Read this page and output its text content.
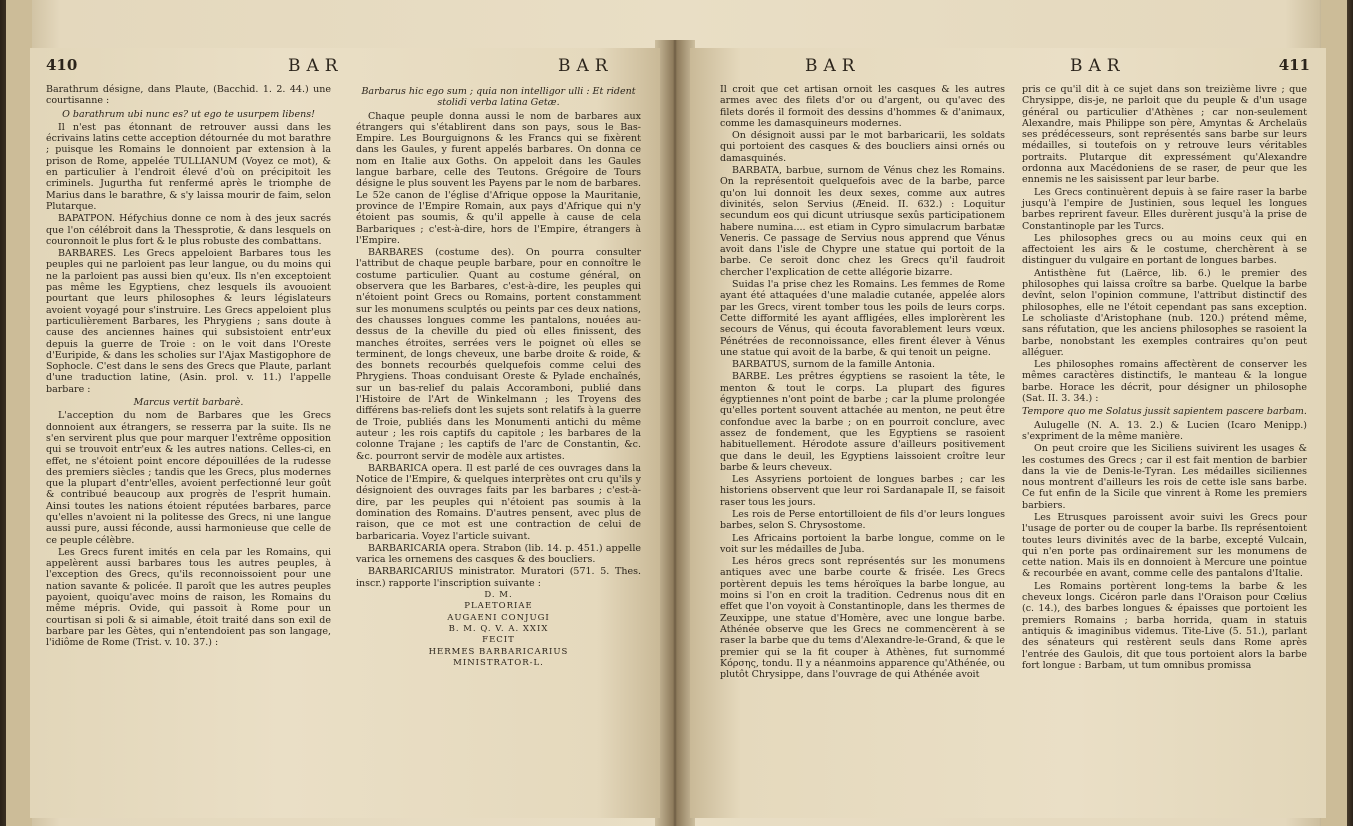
410	BAR	BAR

Barathrum désigne, dans Plaute, (Bacchid. 1. 2. 44.) une courtisanne :

O barathrum ubi nunc es? ut ego te usurpem libens!

Il n'est pas étonnant de retrouver aussi dans les écrivains latins cette acception détournée du mot barathre ; puisque les Romains le donnoient par extension à la prison de Rome, appelée TULLIANUM (Voyez ce mot), & en particulier à l'endroit élevé d'où on précipitoit les criminels. Jugurtha fut renfermé après le triomphe de Marius dans le barathre, & s'y laissa mourir de faim, selon Plutarque.

BAPATPON. Héfychius donne ce nom à des jeux sacrés que l'on célébroit dans la Thessprotie, & dans lesquels on couronnoit le plus fort & le plus robuste des combattans.

BARBARES. Les Grecs appeloient Barbares tous les peuples qui ne parloient pas leur langue, ou du moins qui ne la parloient pas aussi bien qu'eux. Ils n'en exceptoient pas même les Egyptiens, chez lesquels ils avouoient pourtant que leurs philosophes & leurs législateurs avoient voyagé pour s'instruire. Les Grecs appeloient plus particulièrement Barbares, les Phrygiens ; sans doute à cause des anciennes haines qui subsistoient entr'eux depuis la guerre de Troie : on le voit dans l'Oreste d'Euripide, & dans les scholies sur l'Ajax Mastigophore de Sophocle. C'est dans le sens des Grecs que Plaute, parlant d'une traduction latine, (Asin. prol. v. 11.) l'appelle barbare :

Marcus vertit barbarè.

L'acception du nom de Barbares que les Grecs donnoient aux étrangers, se resserra par la suite. Ils ne s'en servirent plus que pour marquer l'extrême opposition qui se trouvoit entr'eux & les autres nations. Celles-ci, en effet, ne s'étoient point encore dépouillées de la rudesse des premiers siècles ; tandis que les Grecs, plus modernes que la plupart d'entr'elles, avoient perfectionné leur goût & contribué beaucoup aux progrès de l'esprit humain. Ainsi toutes les nations étoient réputées barbares, parce qu'elles n'avoient ni la politesse des Grecs, ni une langue aussi pure, aussi féconde, aussi harmonieuse que celle de ce peuple célèbre.

Les Grecs furent imités en cela par les Romains, qui appelèrent aussi barbares tous les autres peuples, à l'exception des Grecs, qu'ils reconnoissoient pour une nation savante & policée. Il paroît que les autres peuples payoient, quoiqu'avec moins de raison, les Romains du même mépris. Ovide, qui passoit à Rome pour un courtisan si poli & si aimable, étoit traité dans son exil de barbare par les Gètes, qui n'entendoient pas son langage, l'idiôme de Rome (Trist. v. 10. 37.) :

Barbarus hic ego sum ; quia non intelligor ulli : Et rident stolidi verba latina Getæ.

Chaque peuple donna aussi le nom de barbares aux étrangers qui s'établirent dans son pays, sous le Bas-Empire. Les Bourguignons & les Francs qui se fixèrent dans les Gaules, y furent appelés barbares. On donna ce nom en Italie aux Goths. On appeloit dans les Gaules langue barbare, celle des Teutons. Grégoire de Tours désigne le plus souvent les Payens par le nom de barbares. Le 52e canon de l'église d'Afrique oppose la Mauritanie, province de l'Empire Romain, aux pays d'Afrique qui n'y étoient pas soumis, & qu'il appelle à cause de cela Barbariques ; c'est-à-dire, hors de l'Empire, étrangers à l'Empire.

BARBARES (costume des). On pourra consulter l'attribut de chaque peuple barbare, pour en connoître le costume particulier. Quant au costume général, on observera que les Barbares, c'est-à-dire, les peuples qui n'étoient point Grecs ou Romains, portent constamment sur les monumens sculptés ou peints par ces deux nations, des chausses longues comme les pantalons, nouées au-dessus de la cheville du pied où elles finissent, des manches étroites, serrées vers le poignet où elles se terminent, de longs cheveux, une barbe droite & roide, & des bonnets recourbés quelquefois comme celui des Phrygiens. Thoas conduisant Oreste & Pylade enchaînés, sur un bas-relief du palais Accoramboni, publié dans l'Histoire de l'Art de Winkelmann ; les Troyens des différens bas-reliefs dont les sujets sont relatifs à la guerre de Troie, publiés dans les Monumenti antichi du même auteur ; les rois captifs du capitole ; les barbares de la colonne Trajane ; les captifs de l'arc de Constantin, &c. &c. pourront servir de modèle aux artistes.

BARBARICA opera. Il est parlé de ces ouvrages dans la Notice de l'Empire, & quelques interprètes ont cru qu'ils y désignoient des ouvrages faits par les barbares ; c'est-à-dire, par les peuples qui n'étoient pas soumis à la domination des Romains. D'autres pensent, avec plus de raison, que ce mot est une contraction de celui de barbaricaria. Voyez l'article suivant.

BARBARICARIA opera. Strabon (lib. 14. p. 451.) appelle varica les ornemens des casques & des boucliers.

BARBARICARIUS ministrator. Muratori (571. 5. Thes. inscr.) rapporte l'inscription suivante :

D. M.

PLAETORIAE

AUGAENI CONJUGI

B. M. Q. V. A. XXIX

FECIT

HERMES BARBARICARIUS

MINISTRATOR-L.

BAR	BAR	411

Il croit que cet artisan ornoit les casques & les autres armes avec des filets d'or ou d'argent, ou qu'avec des filets dorés il formoit des dessins d'hommes & d'animaux, comme les damasquineurs modernes.

On désignoit aussi par le mot barbaricarii, les soldats qui portoient des casques & des boucliers ainsi ornés ou damasquinés.

BARBATA, barbue, surnom de Vénus chez les Romains. On la représentoit quelquefois avec de la barbe, parce qu'on lui donnoit les deux sexes, comme aux autres divinités, selon Servius (Æneid. II. 632.) : Loquitur secundum eos qui dicunt utriusque sexûs participationem habere numina.... est etiam in Cypro simulacrum barbatæ Veneris. Ce passage de Servius nous apprend que Vénus avoit dans l'isle de Chypre une statue qui portoit de la barbe. Ce seroit donc chez les Grecs qu'il faudroit chercher l'explication de cette allégorie bizarre.

Suidas l'a prise chez les Romains. Les femmes de Rome ayant été attaquées d'une maladie cutanée, appelée alors par les Grecs, virent tomber tous les poils de leurs corps. Cette difformité les ayant affligées, elles implorèrent les secours de Vénus, qui écouta favorablement leurs vœux. Pénétrées de reconnoissance, elles firent élever à Vénus une statue qui avoit de la barbe, & qui tenoit un peigne.

BARBATUS, surnom de la famille Antonia.

BARBE. Les prêtres égyptiens se rasoient la tête, le menton & tout le corps. La plupart des figures égyptiennes n'ont point de barbe ; car la plume prolongée qu'elles portent souvent attachée au menton, ne peut être confondue avec la barbe ; on en pourroit conclure, avec assez de fondement, que les Egyptiens se rasoient habituellement. Hérodote assure d'ailleurs positivement que dans le deuil, les Egyptiens laissoient croître leur barbe & leurs cheveux.

Les Assyriens portoient de longues barbes ; car les historiens observent que leur roi Sardanapale II, se faisoit raser tous les jours.

Les rois de Perse entortilloient de fils d'or leurs longues barbes, selon S. Chrysostome.

Les Africains portoient la barbe longue, comme on le voit sur les médailles de Juba.

Les héros grecs sont représentés sur les monumens antiques avec une barbe courte & frisée. Les Grecs portèrent depuis les tems héroïques la barbe longue, au moins si l'on en croit la tradition. Cedrenus nous dit en effet que l'on voyoit à Constantinople, dans les thermes de Zeuxippe, une statue d'Homère, avec une longue barbe. Athénée observe que les Grecs ne commencèrent à se raser la barbe que du tems d'Alexandre-le-Grand, & que le premier qui se la fit couper à Athènes, fut surnommé Κόρσης, tondu. Il y a néanmoins apparence qu'Athénée, ou plutôt Chrysippe, dans l'ouvrage de qui Athénée avoit

pris ce qu'il dit à ce sujet dans son treizième livre ; que Chrysippe, dis-je, ne parloit que du peuple & d'un usage général ou particulier d'Athènes ; car non-seulement Alexandre, mais Philippe son père, Amyntas & Archelaüs ses prédécesseurs, sont représentés sans barbe sur leurs médailles, si toutefois on y retrouve leurs véritables portraits. Plutarque dit expressément qu'Alexandre ordonna aux Macédoniens de se raser, de peur que les ennemis ne les saisissent par leur barbe.

Les Grecs continuèrent depuis à se faire raser la barbe jusqu'à l'empire de Justinien, sous lequel les longues barbes reprirent faveur. Elles durèrent jusqu'à la prise de Constantinople par les Turcs.

Les philosophes grecs ou au moins ceux qui en affectoient les airs & le costume, cherchèrent à se distinguer du vulgaire en portant de longues barbes.

Antisthène fut (Laërce, lib. 6.) le premier des philosophes qui laissa croître sa barbe. Quelque la barbe devînt, selon l'opinion commune, l'attribut distinctif des philosophes, elle ne l'étoit cependant pas sans exception. Le scholiaste d'Aristophane (nub. 120.) prétend même, sans réfutation, que les anciens philosophes se rasoient la barbe, nonobstant les exemples contraires qu'on peut alléguer.

Les philosophes romains affectèrent de conserver les mêmes caractères distinctifs, le manteau & la longue barbe. Horace les décrit, pour désigner un philosophe (Sat. II. 3. 34.) :

Tempore quo me Solatus jussit sapientem pascere barbam.

Aulugelle (N. A. 13. 2.) & Lucien (Icaro Menipp.) s'expriment de la même manière.

On peut croire que les Siciliens suivirent les usages & les costumes des Grecs ; car il est fait mention de barbier dans la vie de Denis-le-Tyran. Les médailles siciliennes nous montrent d'ailleurs les rois de cette isle sans barbe. Ce fut enfin de la Sicile que vinrent à Rome les premiers barbiers.

Les Etrusques paroissent avoir suivi les Grecs pour l'usage de porter ou de couper la barbe. Ils représentoient toutes leurs divinités avec de la barbe, excepté Vulcain, qui n'en porte pas ordinairement sur les monumens de cette nation. Mais ils en donnoient à Mercure une pointue & recourbée en avant, comme celle des pantalons d'Italie.

Les Romains portèrent long-tems la barbe & les cheveux longs. Cicéron parle dans l'Oraison pour Cœlius (c. 14.), des barbes longues & épaisses que portoient les premiers Romains ; barba horrida, quam in statuis antiquis & imaginibus videmus. Tite-Live (5. 51.), parlant des sénateurs qui restèrent seuls dans Rome après l'entrée des Gaulois, dit que tous portoient alors la barbe fort longue : Barbam, ut tum omnibus promissa
